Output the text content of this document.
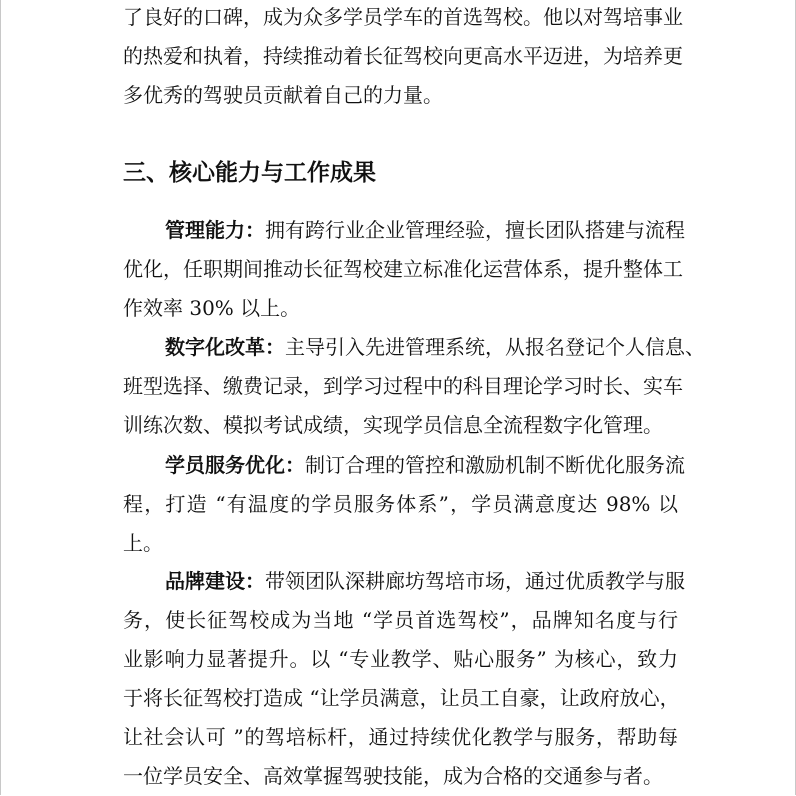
了良好的口碑，成为众多学员学车的首选驾校。他以对驾培事业
的热爱和执着，持续推动着长征驾校向更高水平迈进，为培养更
多优秀的驾驶员贡献着自己的力量。
三、核心能力与工作成果
管理能力：拥有跨行业企业管理经验，擅长团队搭建与流程
优化，任职期间推动长征驾校建立标准化运营体系，提升整体工
作效率 30% 以上。
数字化改革：主导引入先进管理系统，从报名登记个人信息、
班型选择、缴费记录，到学习过程中的科目理论学习时长、实车
训练次数、模拟考试成绩，实现学员信息全流程数字化管理。
学员服务优化：制订合理的管控和激励机制不断优化服务流
程，打造 “有温度的学员服务体系”，学员满意度达 98% 以
上。
品牌建设：带领团队深耕廊坊驾培市场，通过优质教学与服
务，使长征驾校成为当地 “学员首选驾校”，品牌知名度与行
业影响力显著提升。以 “专业教学、贴心服务” 为核心，致力
于将长征驾校打造成 “让学员满意，让员工自豪，让政府放心，
让社会认可 ”的驾培标杆，通过持续优化教学与服务，帮助每
一位学员安全、高效掌握驾驶技能，成为合格的交通参与者。
